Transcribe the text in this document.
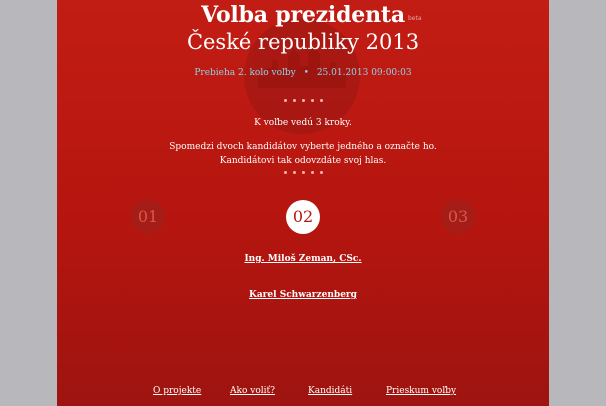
Volba prezidenta beta
České republiky 2013
Prebieha 2. kolo voľby • 25.01.2013 09:00:03
K voľbe vedú 3 kroky.
Spomedzi dvoch kandidátov vyberte jedného a označte ho.
Kandidátovi tak odovzdáte svoj hlas.
01	02	03
Ing. Miloš Zeman, CSc.
Karel Schwarzenberg
O projekte	Ako voliť?	Kandidáti	Prieskum voľby
